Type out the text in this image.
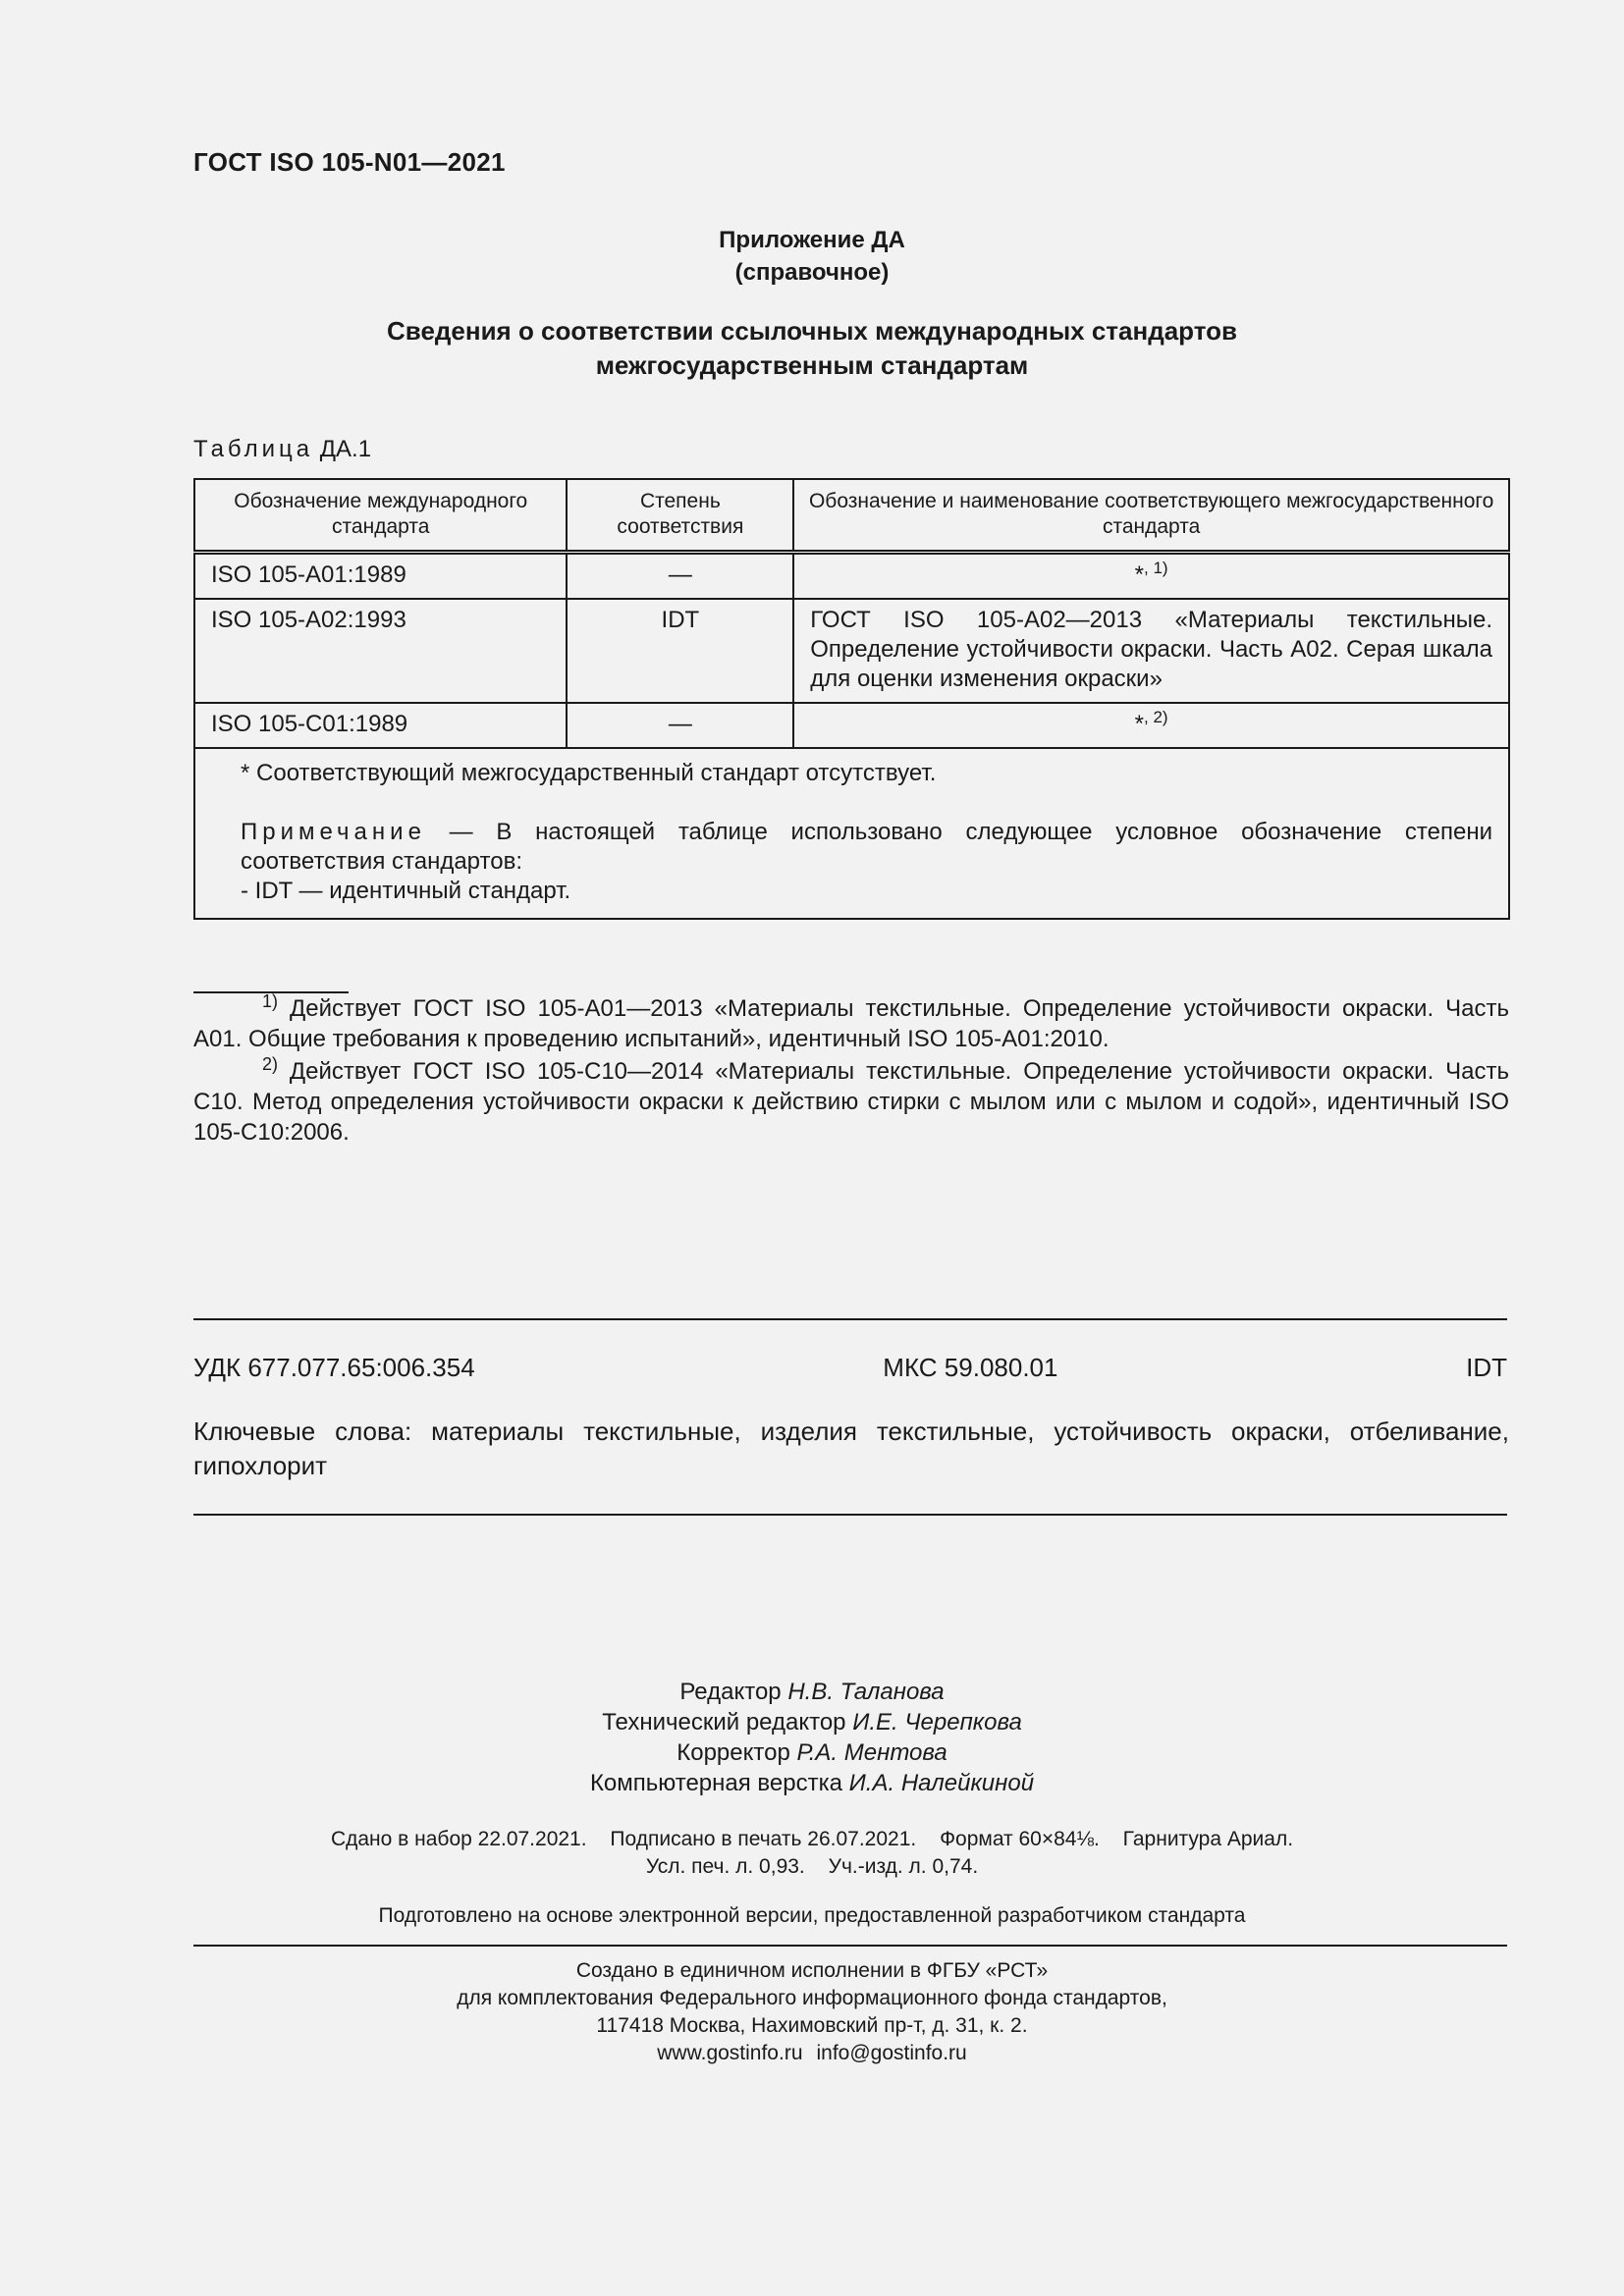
ГОСТ ISO 105-N01—2021
Приложение ДА
(справочное)
Сведения о соответствии ссылочных международных стандартов
межгосударственным стандартам
Таблица ДА.1
Обозначение международного стандарта	Степень соответствия	Обозначение и наименование соответствующего межгосударственного стандарта
ISO 105-A01:1989	—	*$^{, 1)}$
ISO 105-A02:1993	IDT	ГОСТ ISO 105-A02—2013 «Материалы текстильные. Определение устойчивости окраски. Часть А02. Серая шкала для оценки изменения окраски»
ISO 105-C01:1989	—	*$^{, 2)}$

* Соответствующий межгосударственный стандарт отсутствует.

Примечание — В настоящей таблице использовано следующее условное обозначение степени соответствия стандартов:

- IDT — идентичный стандарт.		

$^{1)}$ Действует ГОСТ ISO 105-A01—2013 «Материалы текстильные. Определение устойчивости окраски. Часть А01. Общие требования к проведению испытаний», идентичный ISO 105-A01:2010.

$^{2)}$ Действует ГОСТ ISO 105-C10—2014 «Материалы текстильные. Определение устойчивости окраски. Часть С10. Метод определения устойчивости окраски к действию стирки с мылом или с мылом и содой», идентичный ISO 105-C10:2006.

УДК 677.077.65:006.354	МКС 59.080.01	IDT
Ключевые слова: материалы текстильные, изделия текстильные, устойчивость окраски, отбеливание, гипохлорит
Редактор Н.В. Таланова
Технический редактор И.Е. Черепкова
Корректор Р.А. Ментова
Компьютерная верстка И.А. Налейкиной
Сдано в набор 22.07.2021. Подписано в печать 26.07.2021. Формат 60×84⅛. Гарнитура Ариал.
Усл. печ. л. 0,93. Уч.-изд. л. 0,74.
Подготовлено на основе электронной версии, предоставленной разработчиком стандарта
Создано в единичном исполнении в ФГБУ «РСТ»
для комплектования Федерального информационного фонда стандартов,
117418 Москва, Нахимовский пр-т, д. 31, к. 2.
www.gostinfo.ru info@gostinfo.ru
